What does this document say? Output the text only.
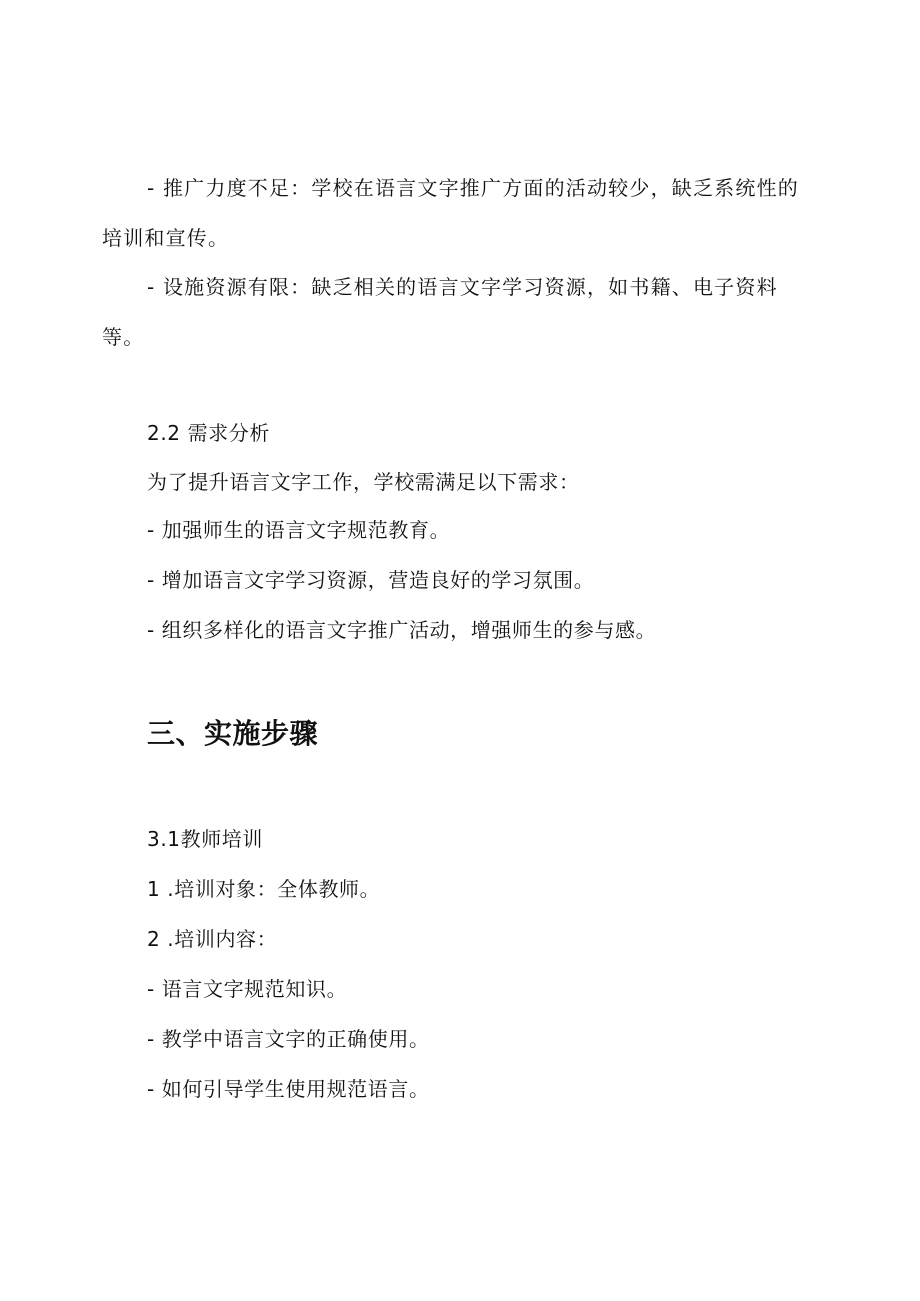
- 推广力度不足：学校在语言文字推广方面的活动较少，缺乏系统性的培训和宣传。

- 设施资源有限：缺乏相关的语言文字学习资源，如书籍、电子资料等。

2.2 需求分析
为了提升语言文字工作，学校需满足以下需求：
- 加强师生的语言文字规范教育。
- 增加语言文字学习资源，营造良好的学习氛围。
- 组织多样化的语言文字推广活动，增强师生的参与感。
三、实施步骤
3.1教师培训
1 .培训对象：全体教师。
2 .培训内容：
- 语言文字规范知识。
- 教学中语言文字的正确使用。
- 如何引导学生使用规范语言。
